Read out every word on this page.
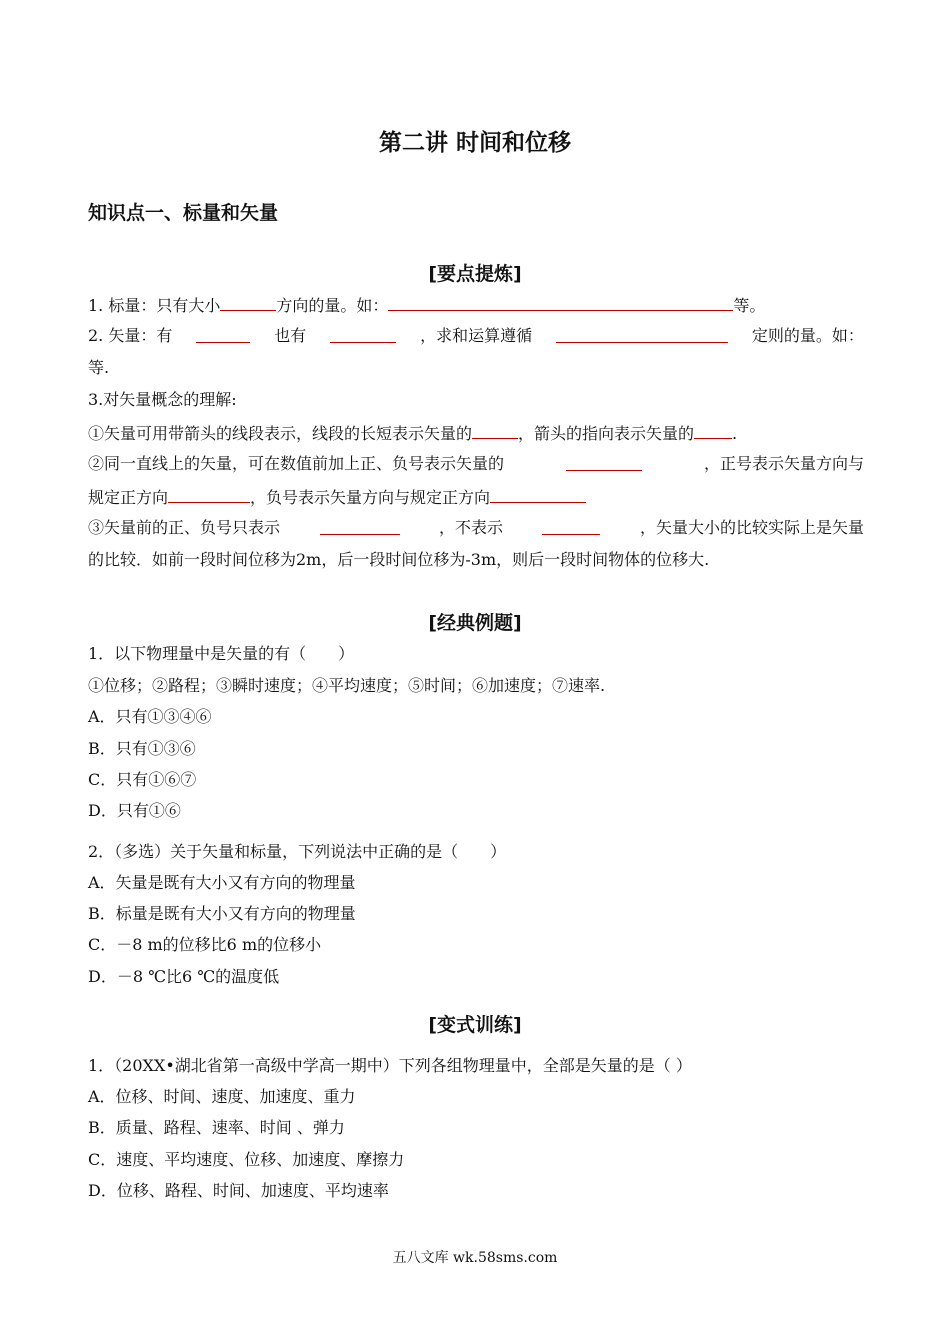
第二讲 时间和位移
知识点一、标量和矢量
[要点提炼]
1. 标量：只有大小	方向的量。如：	等。
2. 矢量：有	也有	，求和运算遵循	定则的量。如：
等.
3.对矢量概念的理解:
①矢量可用带箭头的线段表示，线段的长短表示矢量的	，箭头的指向表示矢量的 .
②同一直线上的矢量，可在数值前加上正、负号表示矢量的	，正号表示矢量方向与
规定正方向	，负号表示矢量方向与规定正方向
③矢量前的正、负号只表示	，不表示	，矢量大小的比较实际上是矢量
的比较．如前一段时间位移为2m，后一段时间位移为-3m，则后一段时间物体的位移大.
[经典例题]
1．以下物理量中是矢量的有（　　）
①位移；②路程；③瞬时速度；④平均速度；⑤时间；⑥加速度；⑦速率.
A．只有①③④⑥
B．只有①③⑥
C．只有①⑥⑦
D．只有①⑥
2．（多选）关于矢量和标量，下列说法中正确的是（　　）
A．矢量是既有大小又有方向的物理量
B．标量是既有大小又有方向的物理量
C．－8 m的位移比6 m的位移小
D．－8 ℃比6 ℃的温度低
[变式训练]
1．（20XX•湖北省第一高级中学高一期中）下列各组物理量中，全部是矢量的是（ ）
A．位移、时间、速度、加速度、重力
B．质量、路程、速率、时间 、弹力
C．速度、平均速度、位移、加速度、摩擦力
D．位移、路程、时间、加速度、平均速率
五八文库 wk.58sms.com
